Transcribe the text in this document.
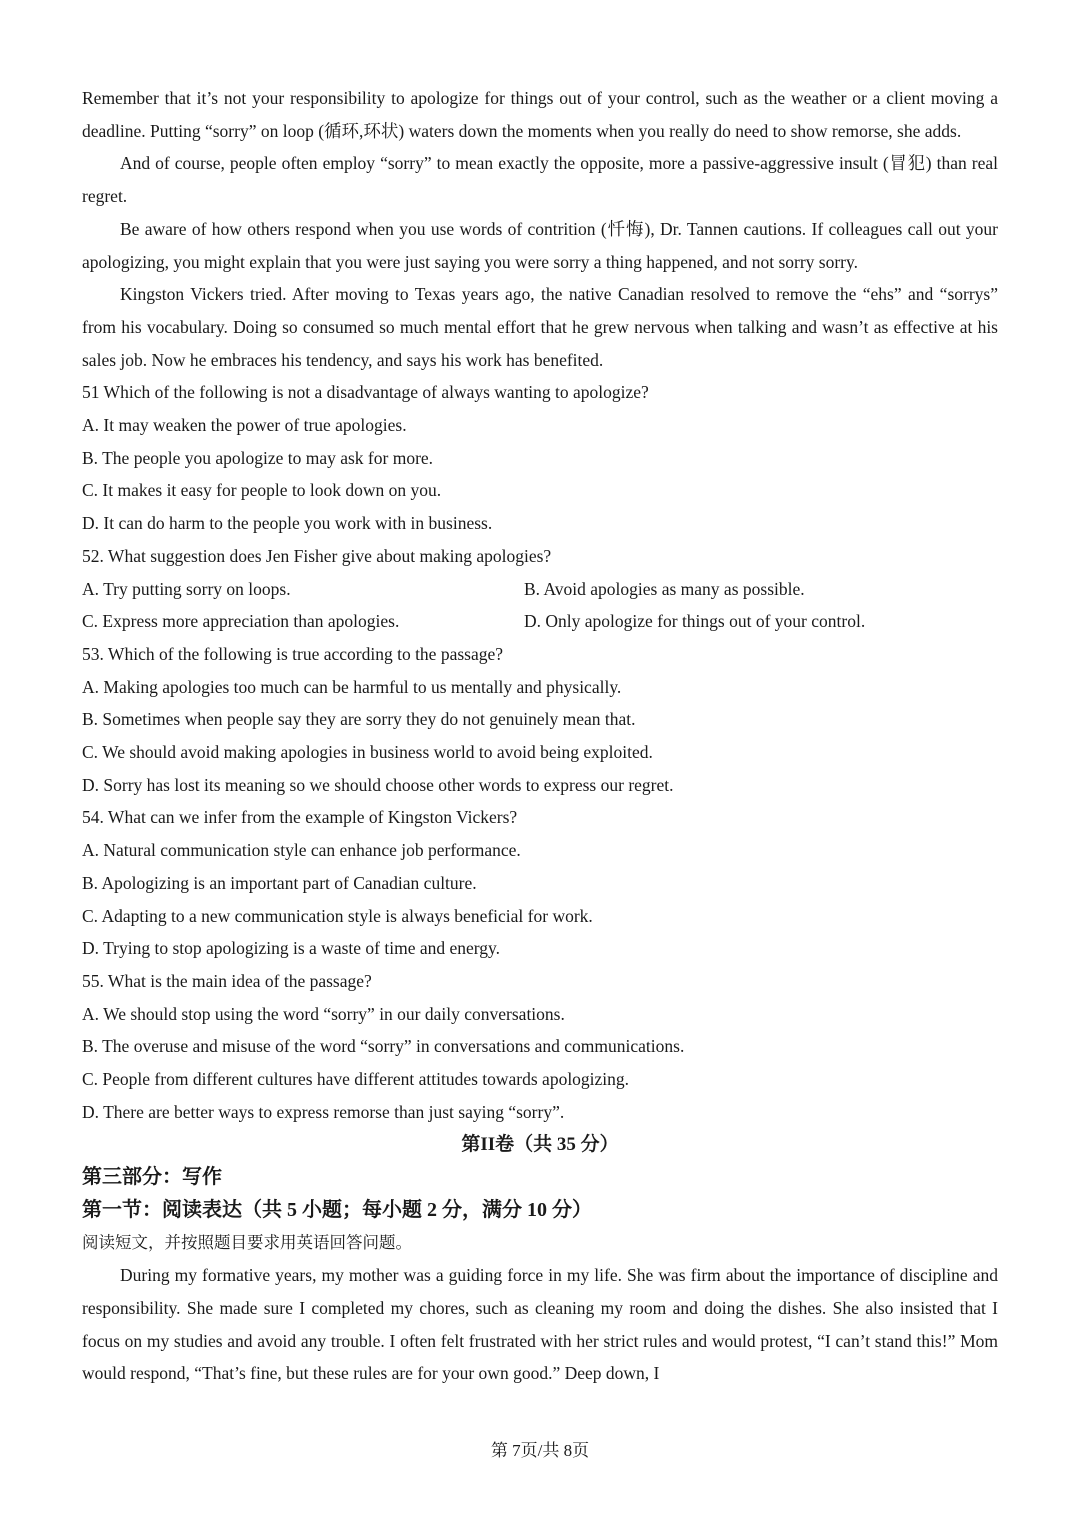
Remember that it’s not your responsibility to apologize for things out of your control, such as the weather or a client moving a deadline. Putting “sorry” on loop (循环,环状) waters down the moments when you really do need to show remorse, she adds.

And of course, people often employ “sorry” to mean exactly the opposite, more a passive-aggressive insult (冒犯) than real regret.

Be aware of how others respond when you use words of contrition (忏悔), Dr. Tannen cautions. If colleagues call out your apologizing, you might explain that you were just saying you were sorry a thing happened, and not sorry sorry.

Kingston Vickers tried. After moving to Texas years ago, the native Canadian resolved to remove the “ehs” and “sorrys” from his vocabulary. Doing so consumed so much mental effort that he grew nervous when talking and wasn’t as effective at his sales job. Now he embraces his tendency, and says his work has benefited.

51 Which of the following is not a disadvantage of always wanting to apologize?
A. It may weaken the power of true apologies.
B. The people you apologize to may ask for more.
C. It makes it easy for people to look down on you.
D. It can do harm to the people you work with in business.
52. What suggestion does Jen Fisher give about making apologies?
A. Try putting sorry on loops.	B. Avoid apologies as many as possible.
C. Express more appreciation than apologies.	D. Only apologize for things out of your control.
53. Which of the following is true according to the passage?
A. Making apologies too much can be harmful to us mentally and physically.
B. Sometimes when people say they are sorry they do not genuinely mean that.
C. We should avoid making apologies in business world to avoid being exploited.
D. Sorry has lost its meaning so we should choose other words to express our regret.
54. What can we infer from the example of Kingston Vickers?
A. Natural communication style can enhance job performance.
B. Apologizing is an important part of Canadian culture.
C. Adapting to a new communication style is always beneficial for work.
D. Trying to stop apologizing is a waste of time and energy.
55. What is the main idea of the passage?
A. We should stop using the word “sorry” in our daily conversations.
B. The overuse and misuse of the word “sorry” in conversations and communications.
C. People from different cultures have different attitudes towards apologizing.
D. There are better ways to express remorse than just saying “sorry”.
第II卷（共 35 分）
第三部分：写作
第一节：阅读表达（共 5 小题；每小题 2 分，满分 10 分）
阅读短文，并按照题目要求用英语回答问题。

During my formative years, my mother was a guiding force in my life. She was firm about the importance of discipline and responsibility. She made sure I completed my chores, such as cleaning my room and doing the dishes. She also insisted that I focus on my studies and avoid any trouble. I often felt frustrated with her strict rules and would protest, “I can’t stand this!” Mom would respond, “That’s fine, but these rules are for your own good.” Deep down, I

第 7页/共 8页
